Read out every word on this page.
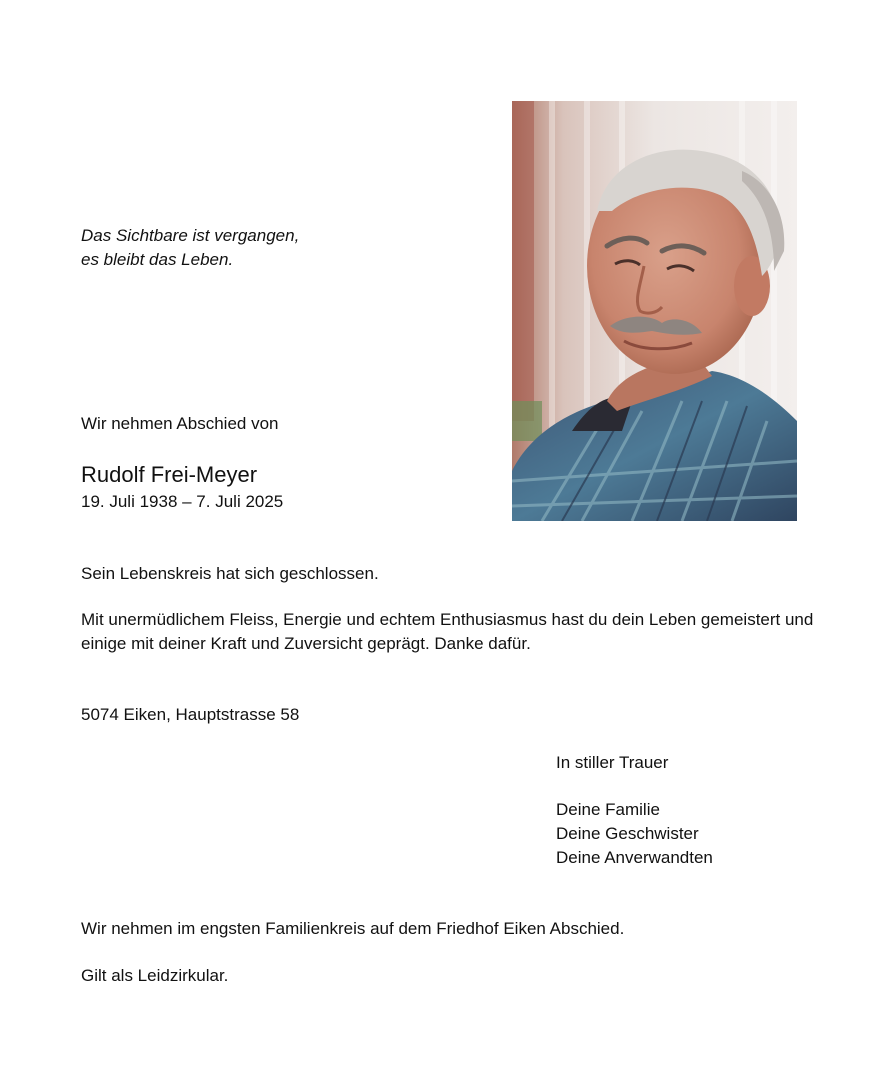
Das Sichtbare ist vergangen,
es bleibt das Leben.
Wir nehmen Abschied von
Rudolf Frei-Meyer
19. Juli 1938 – 7. Juli 2025
Sein Lebenskreis hat sich geschlossen.
Mit unermüdlichem Fleiss, Energie und echtem Enthusiasmus hast du dein Leben gemeistert und
einige mit deiner Kraft und Zuversicht geprägt. Danke dafür.
5074 Eiken, Hauptstrasse 58
In stiller Trauer
Deine Familie
Deine Geschwister
Deine Anverwandten
Wir nehmen im engsten Familienkreis auf dem Friedhof Eiken Abschied.
Gilt als Leidzirkular.
